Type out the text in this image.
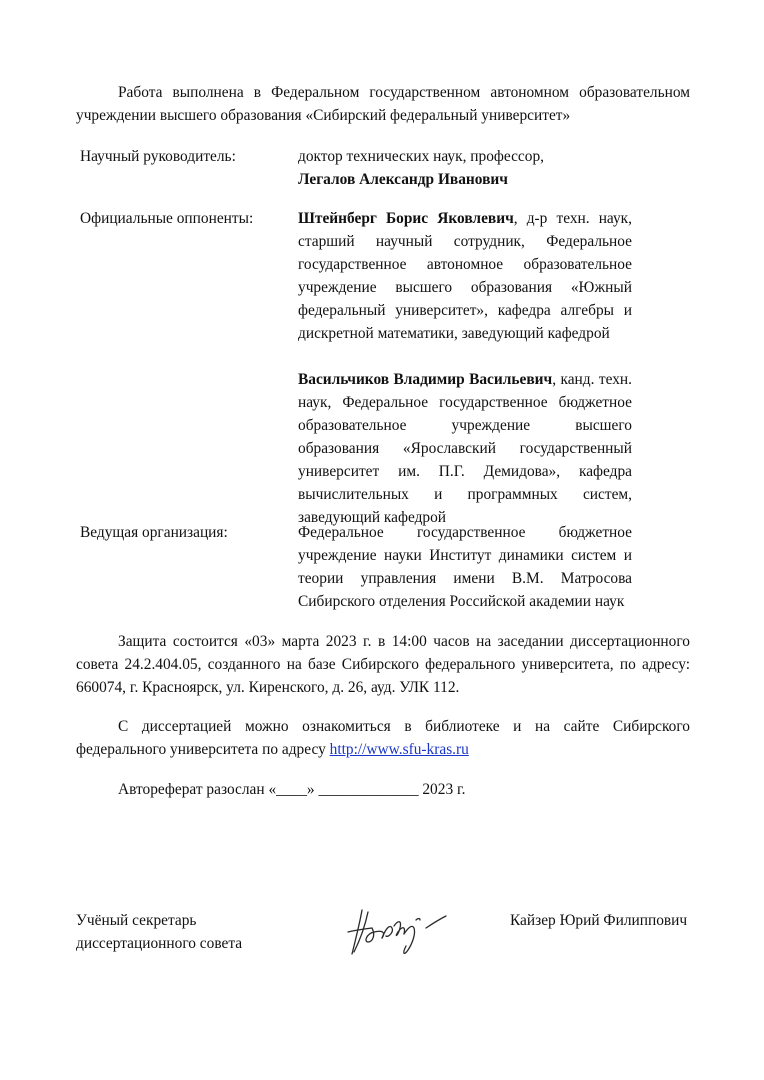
Работа выполнена в Федеральном государственном автономном образовательном учреждении высшего образования «Сибирский федеральный университет»

Научный руководитель:	доктор технических наук, профессор,

Легалов Александр Иванович

Официальные оппоненты:	Штейнберг Борис Яковлевич, д-р техн. наук, старший научный сотрудник, Федеральное государственное автономное образовательное учреждение высшего образования «Южный федеральный университет», кафедра алгебры и дискретной математики, заведующий кафедрой

Васильчиков Владимир Васильевич, канд. техн. наук, Федеральное государственное бюджетное образовательное учреждение высшего образования «Ярославский государственный университет им. П.Г. Демидова», кафедра вычислительных и программных систем, заведующий кафедрой

Ведущая организация:	Федеральное государственное бюджетное учреждение науки Институт динамики систем и теории управления имени В.М. Матросова Сибирского отделения Российской академии наук

Защита состоится «03» марта 2023 г. в 14:00 часов на заседании диссертационного совета 24.2.404.05, созданного на базе Сибирского федерального университета, по адресу: 660074, г. Красноярск, ул. Киренского, д. 26, ауд. УЛК 112.

С диссертацией можно ознакомиться в библиотеке и на сайте Сибирского федерального университета по адресу http://www.sfu-kras.ru

Автореферат разослан «____» _____________ 2023 г.

Учёный секретарь
диссертационного совета
Кайзер Юрий Филиппович
